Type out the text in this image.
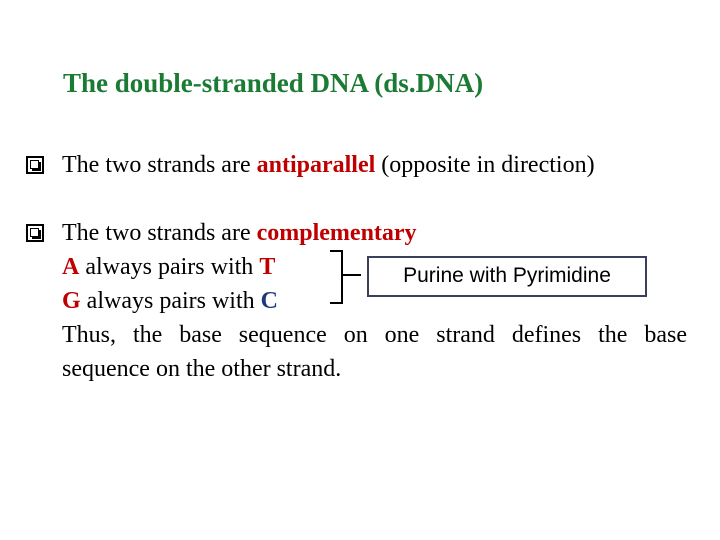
The double-stranded DNA (ds.DNA)
The two strands are antiparallel (opposite in direction)
The two strands are complementary
A always pairs with T
G always pairs with C
Purine with Pyrimidine
Thus, the base sequence on one strand defines the base
sequence on the other strand.
